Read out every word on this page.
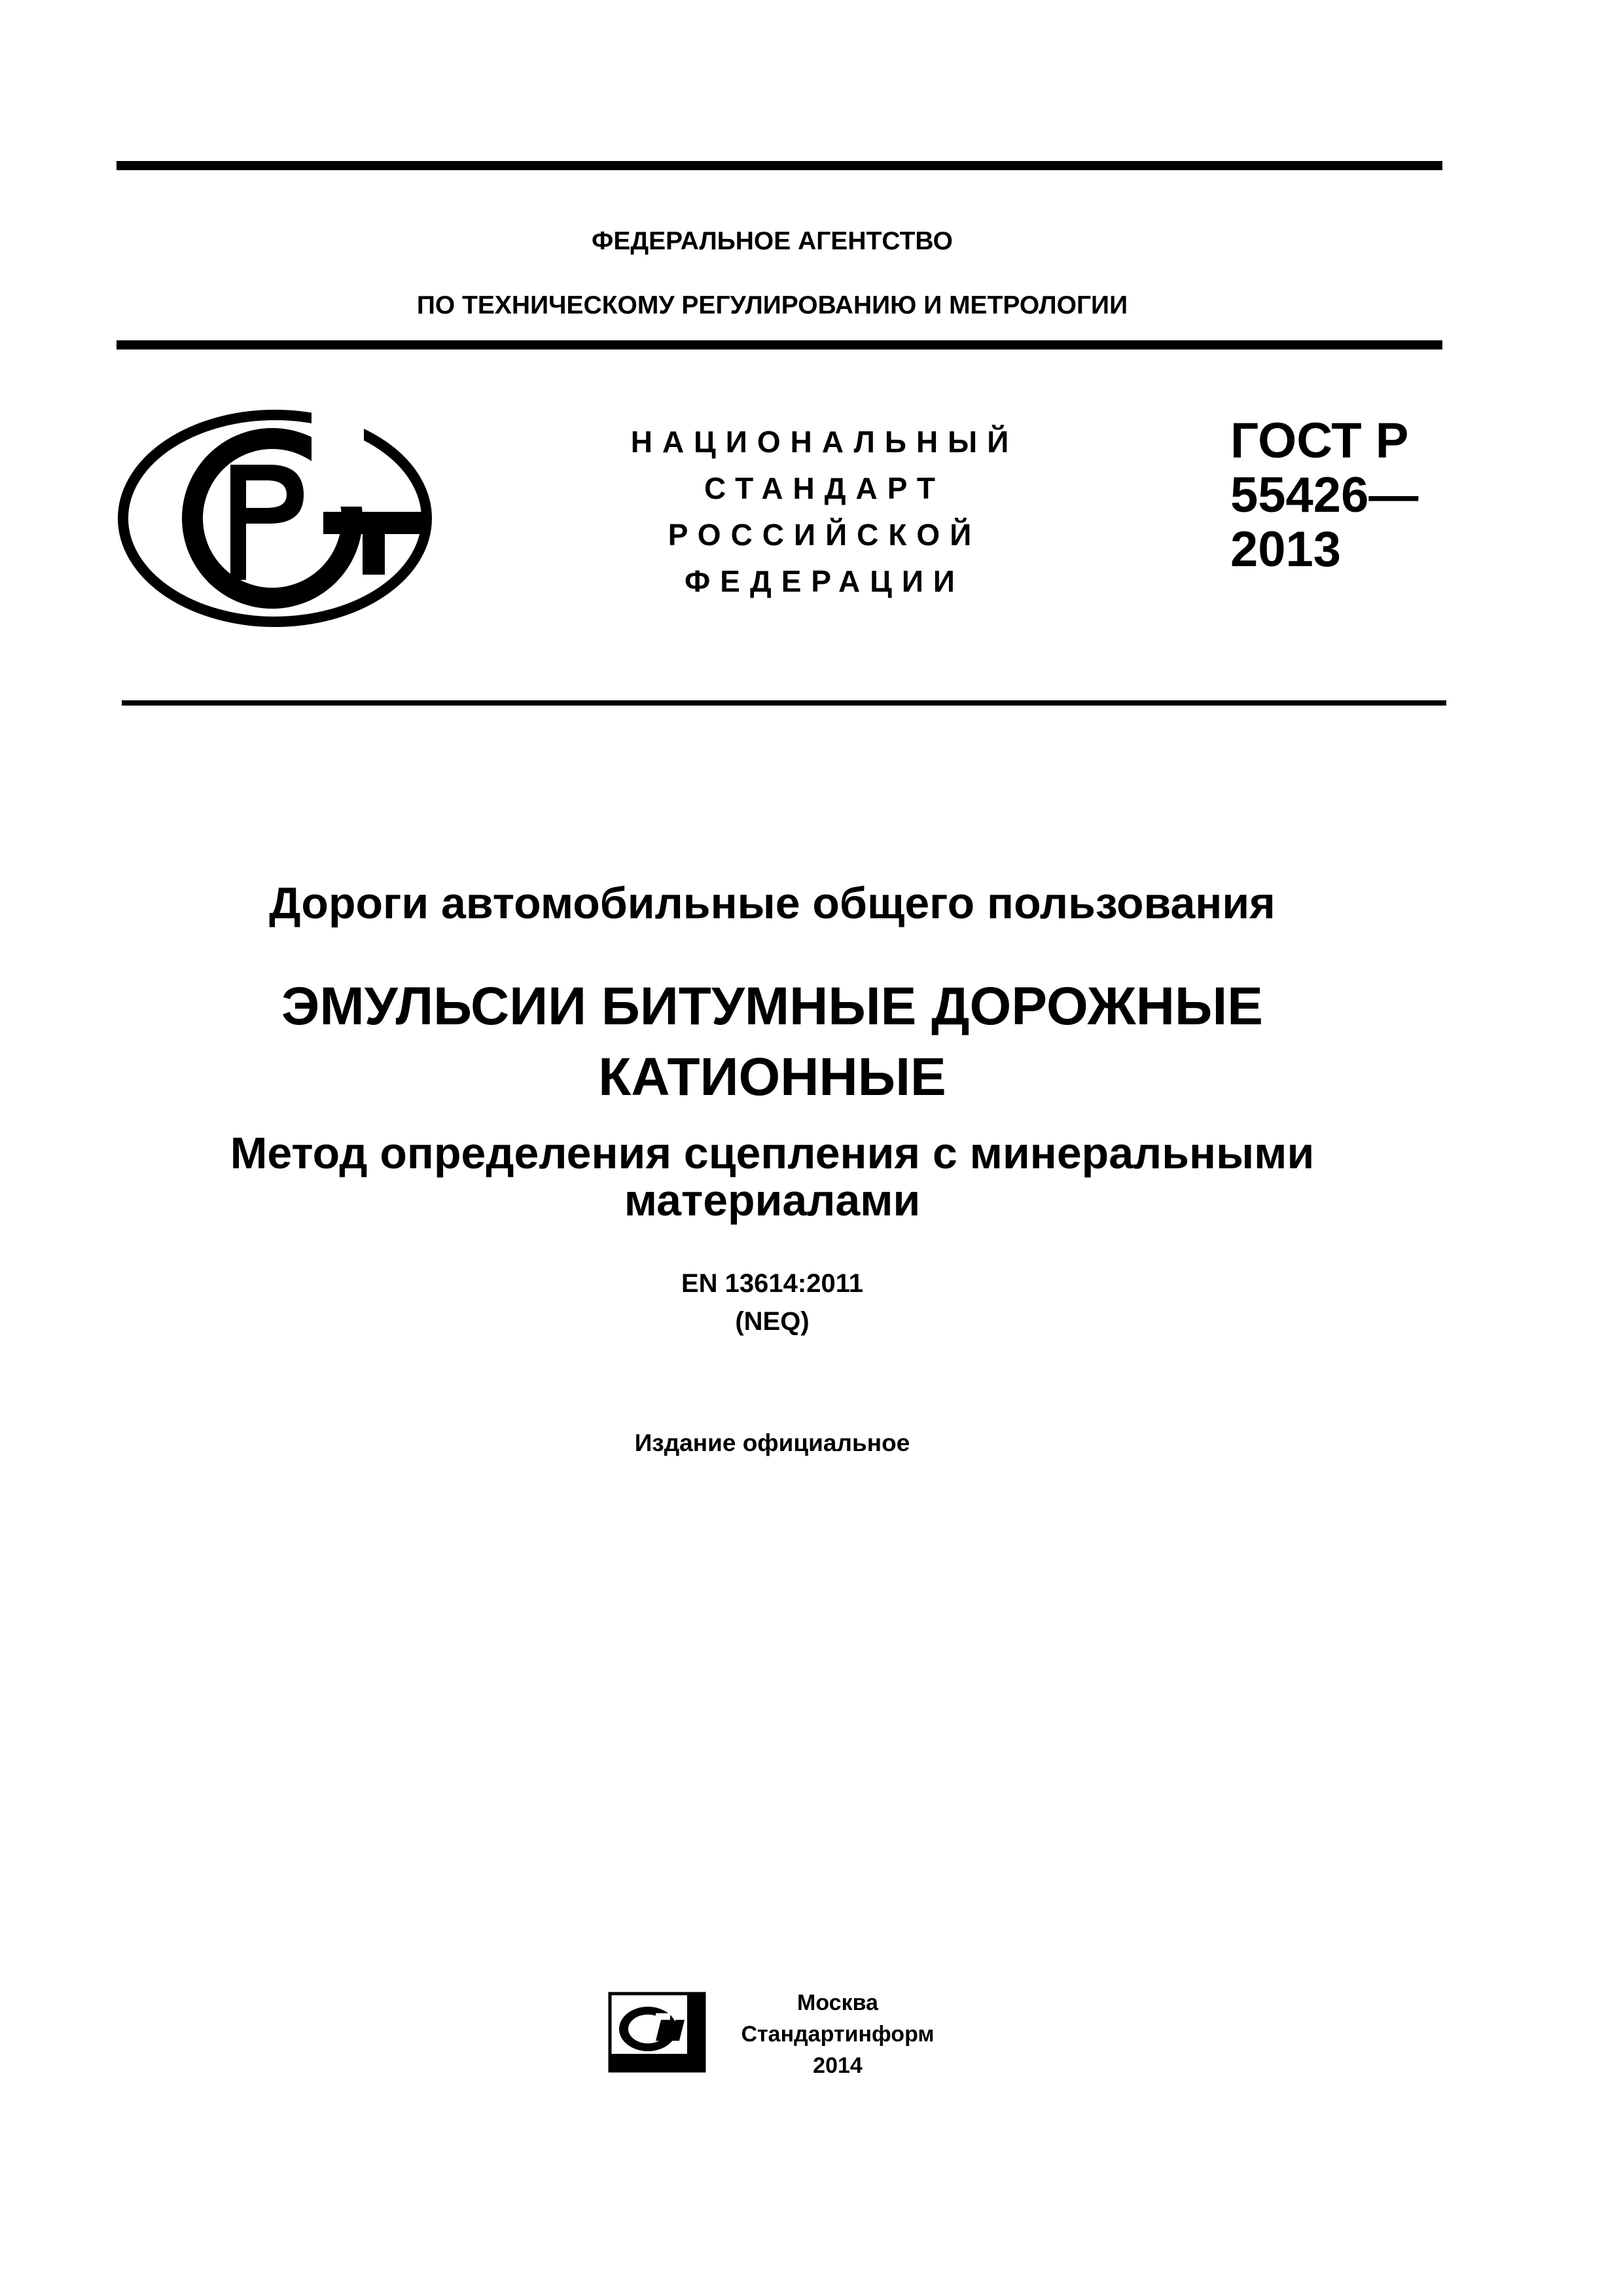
ФЕДЕРАЛЬНОЕ АГЕНТСТВО
ПО ТЕХНИЧЕСКОМУ РЕГУЛИРОВАНИЮ И МЕТРОЛОГИИ
НАЦИОНАЛЬНЫЙ
СТАНДАРТ
РОССИЙСКОЙ
ФЕДЕРАЦИИ
ГОСТ Р
55426—
2013
Дороги автомобильные общего пользования
ЭМУЛЬСИИ БИТУМНЫЕ ДОРОЖНЫЕ
КАТИОННЫЕ
Метод определения сцепления с минеральными
материалами
EN 13614:2011
(NEQ)
Издание официальное
Москва
Стандартинформ
2014
